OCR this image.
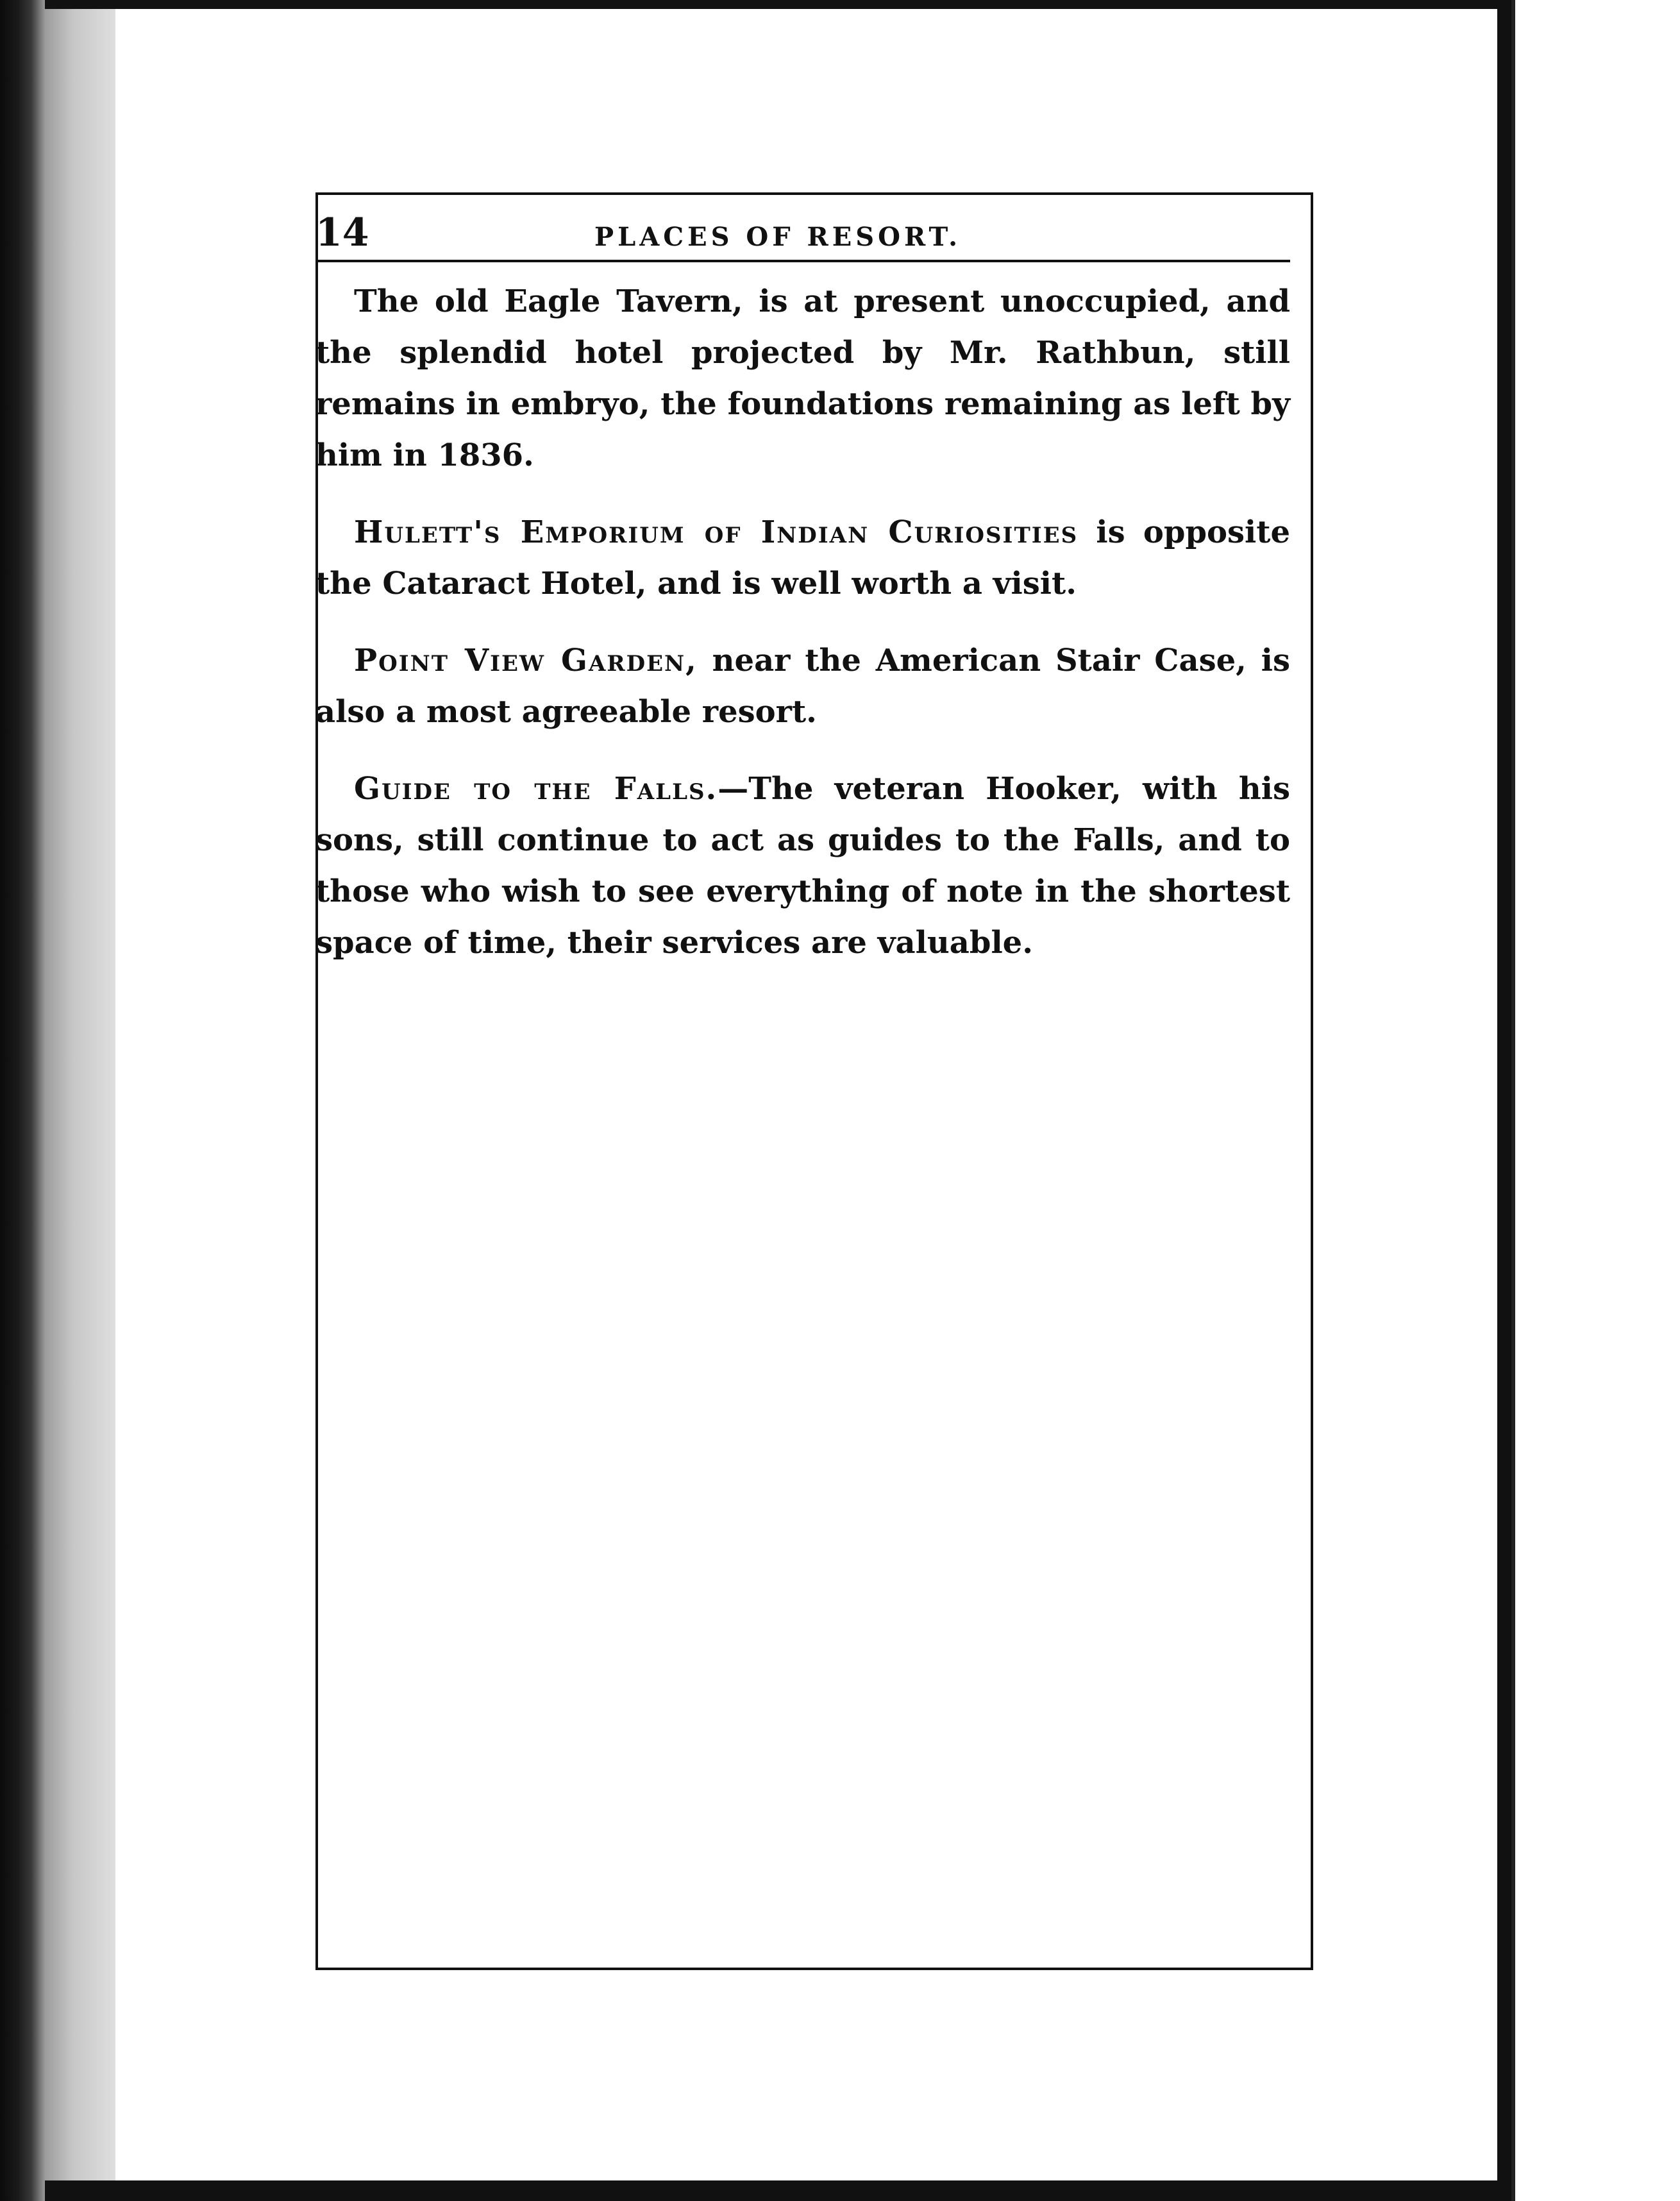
14	PLACES OF RESORT.

The old Eagle Tavern, is at present unoccupied, and the splendid hotel projected by Mr. Rathbun, still remains in embryo, the foundations remaining as left by him in 1836.

Hulett's Emporium of Indian Curiosities is opposite the Cataract Hotel, and is well worth a visit.

Point View Garden, near the American Stair Case, is also a most agreeable resort.

Guide to the Falls.—The veteran Hooker, with his sons, still continue to act as guides to the Falls, and to those who wish to see everything of note in the shortest space of time, their services are valuable.
